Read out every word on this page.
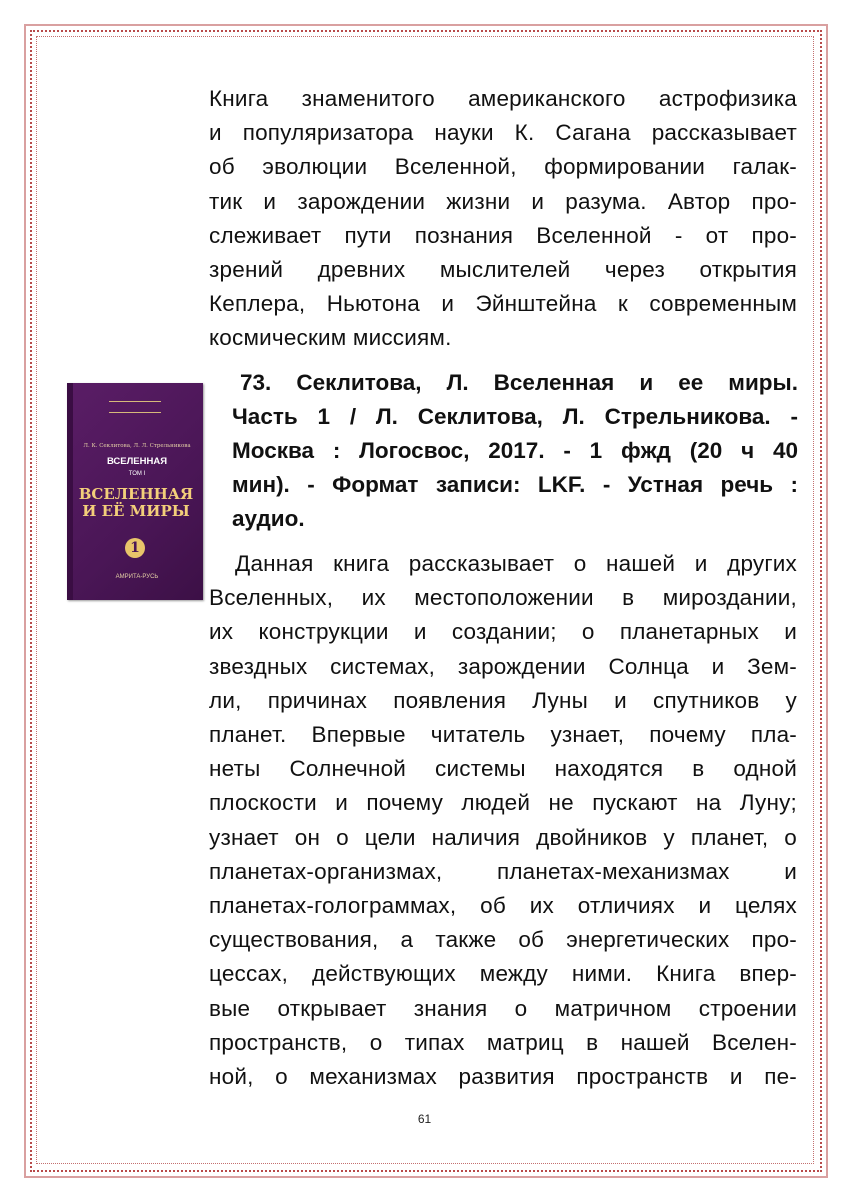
Книга знаменитого американского астрофизика
и популяризатора науки К. Сагана рассказывает
об эволюции Вселенной, формировании галак-
тик и зарождении жизни и разума. Автор про-
слеживает пути познания Вселенной - от про-
зрений древних мыслителей через открытия
Кеплера, Ньютона и Эйнштейна к современным
космическим миссиям.
Л. К. Секлитова, Л. Л. Стрельникова
ВСЕЛЕННАЯ
ТОМ I
ВСЕЛЕННАЯ
И ЕЁ МИРЫ
1
АМРИТА-РУСЬ
73. Секлитова, Л. Вселенная и ее миры.
Часть 1 / Л. Секлитова, Л. Стрельникова. -
Москва : Логосвос, 2017. - 1 фжд (20 ч 40
мин). - Формат записи: LKF. - Устная речь :
аудио.
Данная книга рассказывает о нашей и других
Вселенных, их местоположении в мироздании,
их конструкции и создании; о планетарных и
звездных системах, зарождении Солнца и Зем-
ли, причинах появления Луны и спутников у
планет. Впервые читатель узнает, почему пла-
неты Солнечной системы находятся в одной
плоскости и почему людей не пускают на Луну;
узнает он о цели наличия двойников у планет, о
планетах-организмах, планетах-механизмах и
планетах-голограммах, об их отличиях и целях
существования, а также об энергетических про-
цессах, действующих между ними. Книга впер-
вые открывает знания о матричном строении
пространств, о типах матриц в нашей Вселен-
ной, о механизмах развития пространств и пе-
61
